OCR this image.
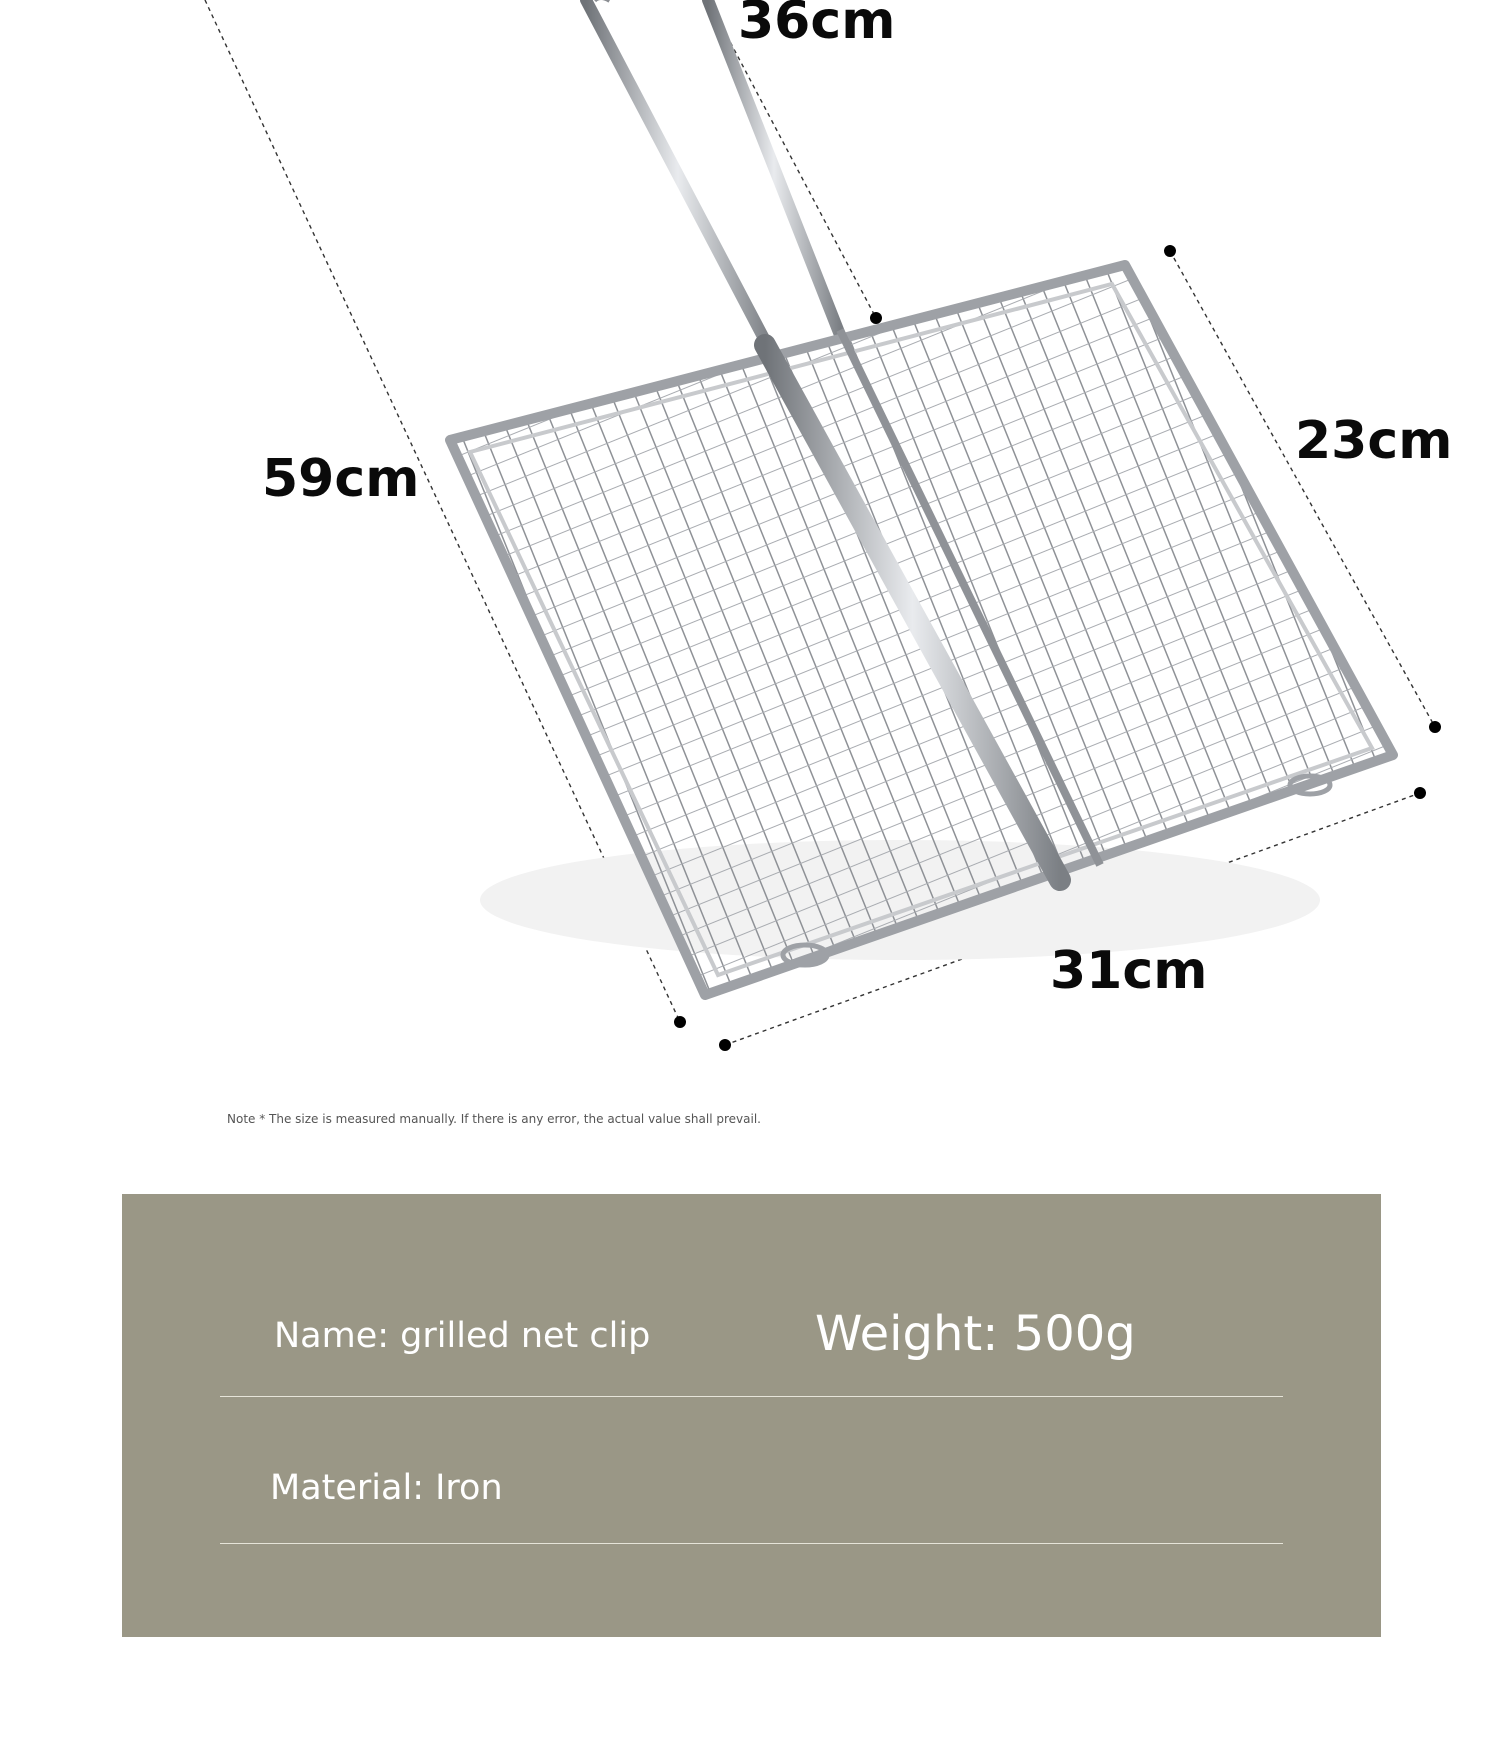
36cm
59cm
23cm
31cm
Note * The size is measured manually. If there is any error, the actual value shall prevail.
Name: grilled net clip	Weight: 500g
Material: Iron
